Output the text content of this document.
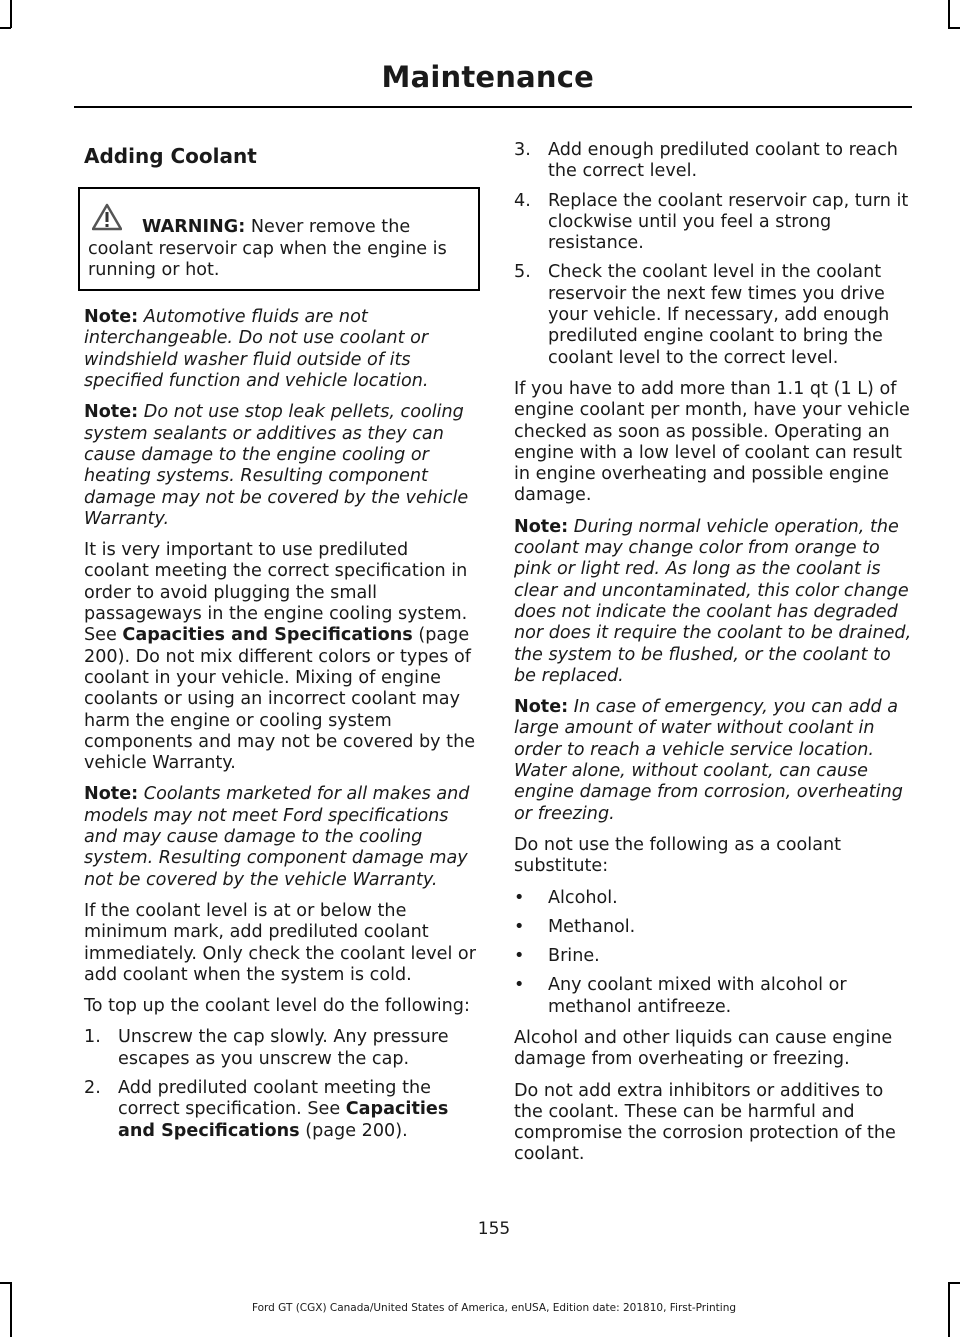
Maintenance
Adding Coolant
WARNING: Never remove the coolant reservoir cap when the engine is running or hot.

Note: Automotive fluids are not interchangeable. Do not use coolant or windshield washer fluid outside of its specified function and vehicle location.

Note: Do not use stop leak pellets, cooling system sealants or additives as they can cause damage to the engine cooling or heating systems. Resulting component damage may not be covered by the vehicle Warranty.

It is very important to use prediluted coolant meeting the correct specification in order to avoid plugging the small passageways in the engine cooling system. See Capacities and Specifications (page 200). Do not mix different colors or types of coolant in your vehicle. Mixing of engine coolants or using an incorrect coolant may harm the engine or cooling system components and may not be covered by the vehicle Warranty.

Note: Coolants marketed for all makes and models may not meet Ford specifications and may cause damage to the cooling system. Resulting component damage may not be covered by the vehicle Warranty.

If the coolant level is at or below the minimum mark, add prediluted coolant immediately. Only check the coolant level or add coolant when the system is cold.

To top up the coolant level do the following:

1. Unscrew the cap slowly. Any pressure escapes as you unscrew the cap.
2. Add prediluted coolant meeting the correct specification. See Capacities and Specifications (page 200).
3. Add enough prediluted coolant to reach the correct level.
4. Replace the coolant reservoir cap, turn it clockwise until you feel a strong resistance.
5. Check the coolant level in the coolant reservoir the next few times you drive your vehicle. If necessary, add enough prediluted engine coolant to bring the coolant level to the correct level.

If you have to add more than 1.1 qt (1 L) of engine coolant per month, have your vehicle checked as soon as possible. Operating an engine with a low level of coolant can result in engine overheating and possible engine damage.

Note: During normal vehicle operation, the coolant may change color from orange to pink or light red. As long as the coolant is clear and uncontaminated, this color change does not indicate the coolant has degraded nor does it require the coolant to be drained, the system to be flushed, or the coolant to be replaced.

Note: In case of emergency, you can add a large amount of water without coolant in order to reach a vehicle service location. Water alone, without coolant, can cause engine damage from corrosion, overheating or freezing.

Do not use the following as a coolant substitute:

• Alcohol.
• Methanol.
• Brine.
• Any coolant mixed with alcohol or methanol antifreeze.

Alcohol and other liquids can cause engine damage from overheating or freezing.

Do not add extra inhibitors or additives to the coolant. These can be harmful and compromise the corrosion protection of the coolant.

155
Ford GT (CGX) Canada/United States of America, enUSA, Edition date: 201810, First-Printing
